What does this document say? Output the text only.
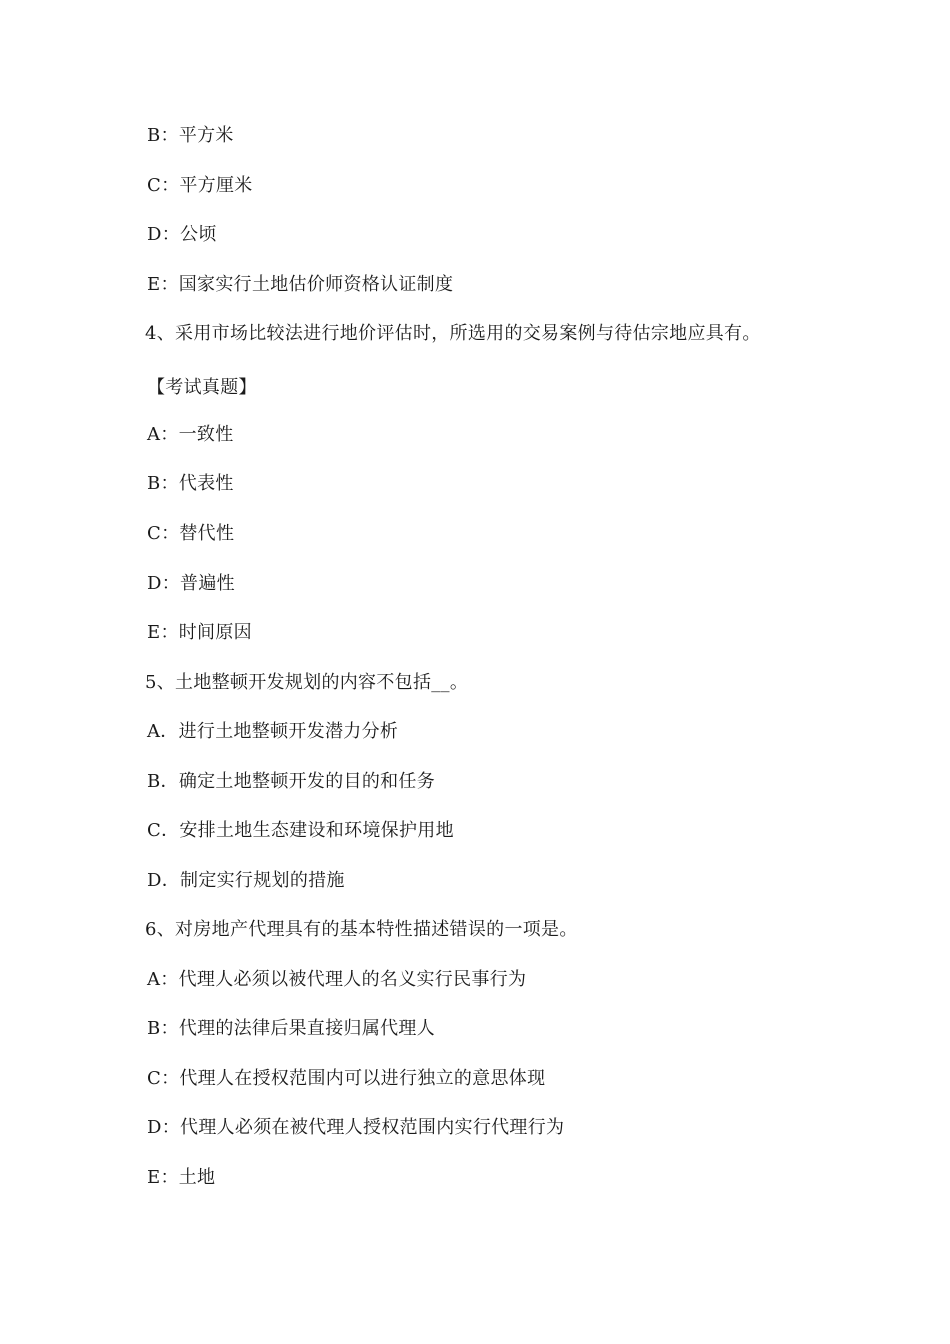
B：平方米
C：平方厘米
D：公顷
E：国家实行土地估价师资格认证制度
4、采用市场比较法进行地价评估时，所选用的交易案例与待估宗地应具有。
【考试真题】
A：一致性
B：代表性
C：替代性
D：普遍性
E：时间原因
5、土地整顿开发规划的内容不包括__。
A．进行土地整顿开发潜力分析
B．确定土地整顿开发的目的和任务
C．安排土地生态建设和环境保护用地
D．制定实行规划的措施
6、对房地产代理具有的基本特性描述错误的一项是。
A：代理人必须以被代理人的名义实行民事行为
B：代理的法律后果直接归属代理人
C：代理人在授权范围内可以进行独立的意思体现
D：代理人必须在被代理人授权范围内实行代理行为
E：土地
